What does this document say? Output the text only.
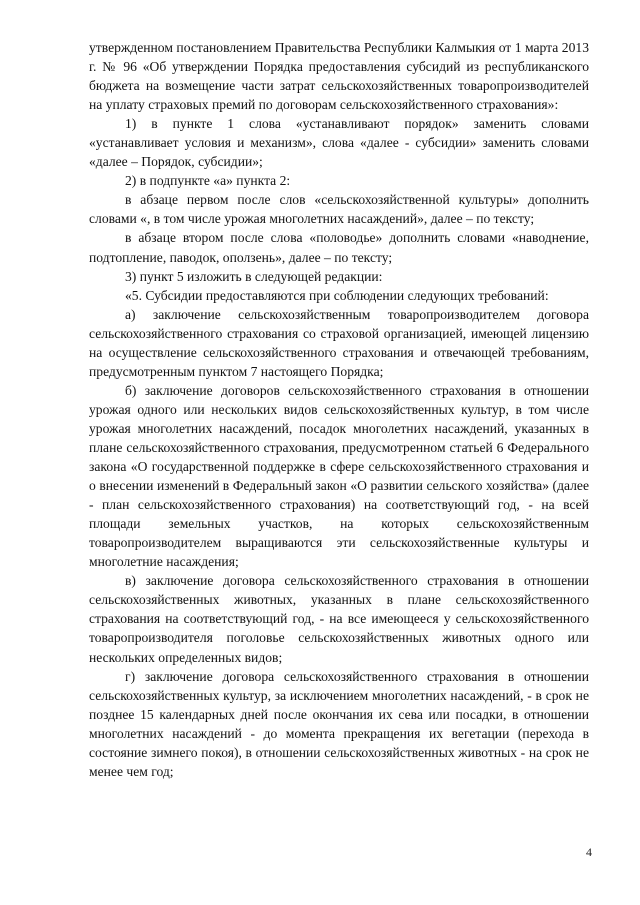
утвержденном постановлением Правительства Республики Калмыкия от 1 марта 2013 г. № 96 «Об утверждении Порядка предоставления субсидий из республиканского бюджета на возмещение части затрат сельскохозяйственных товаропроизводителей на уплату страховых премий по договорам сельскохозяйственного страхования»:

1) в пункте 1 слова «устанавливают порядок» заменить словами «устанавливает условия и механизм», слова «далее - субсидии» заменить словами «далее – Порядок, субсидии»;

2) в подпункте «а» пункта 2:

в абзаце первом после слов «сельскохозяйственной культуры» дополнить словами «, в том числе урожая многолетних насаждений», далее – по тексту;

в абзаце втором после слова «половодье» дополнить словами «наводнение, подтопление, паводок, оползень», далее – по тексту;

3) пункт 5 изложить в следующей редакции:

«5. Субсидии предоставляются при соблюдении следующих требований:

а) заключение сельскохозяйственным товаропроизводителем договора сельскохозяйственного страхования со страховой организацией, имеющей лицензию на осуществление сельскохозяйственного страхования и отвечающей требованиям, предусмотренным пунктом 7 настоящего Порядка;

б) заключение договоров сельскохозяйственного страхования в отношении урожая одного или нескольких видов сельскохозяйственных культур, в том числе урожая многолетних насаждений, посадок многолетних насаждений, указанных в плане сельскохозяйственного страхования, предусмотренном статьей 6 Федерального закона «О государственной поддержке в сфере сельскохозяйственного страхования и о внесении изменений в Федеральный закон «О развитии сельского хозяйства» (далее - план сельскохозяйственного страхования) на соответствующий год, - на всей площади земельных участков, на которых сельскохозяйственным товаропроизводителем выращиваются эти сельскохозяйственные культуры и многолетние насаждения;

в) заключение договора сельскохозяйственного страхования в отношении сельскохозяйственных животных, указанных в плане сельскохозяйственного страхования на соответствующий год, - на все имеющееся у сельскохозяйственного товаропроизводителя поголовье сельскохозяйственных животных одного или нескольких определенных видов;

г) заключение договора сельскохозяйственного страхования в отношении сельскохозяйственных культур, за исключением многолетних насаждений, - в срок не позднее 15 календарных дней после окончания их сева или посадки, в отношении многолетних насаждений - до момента прекращения их вегетации (перехода в состояние зимнего покоя), в отношении сельскохозяйственных животных - на срок не менее чем год;

4
